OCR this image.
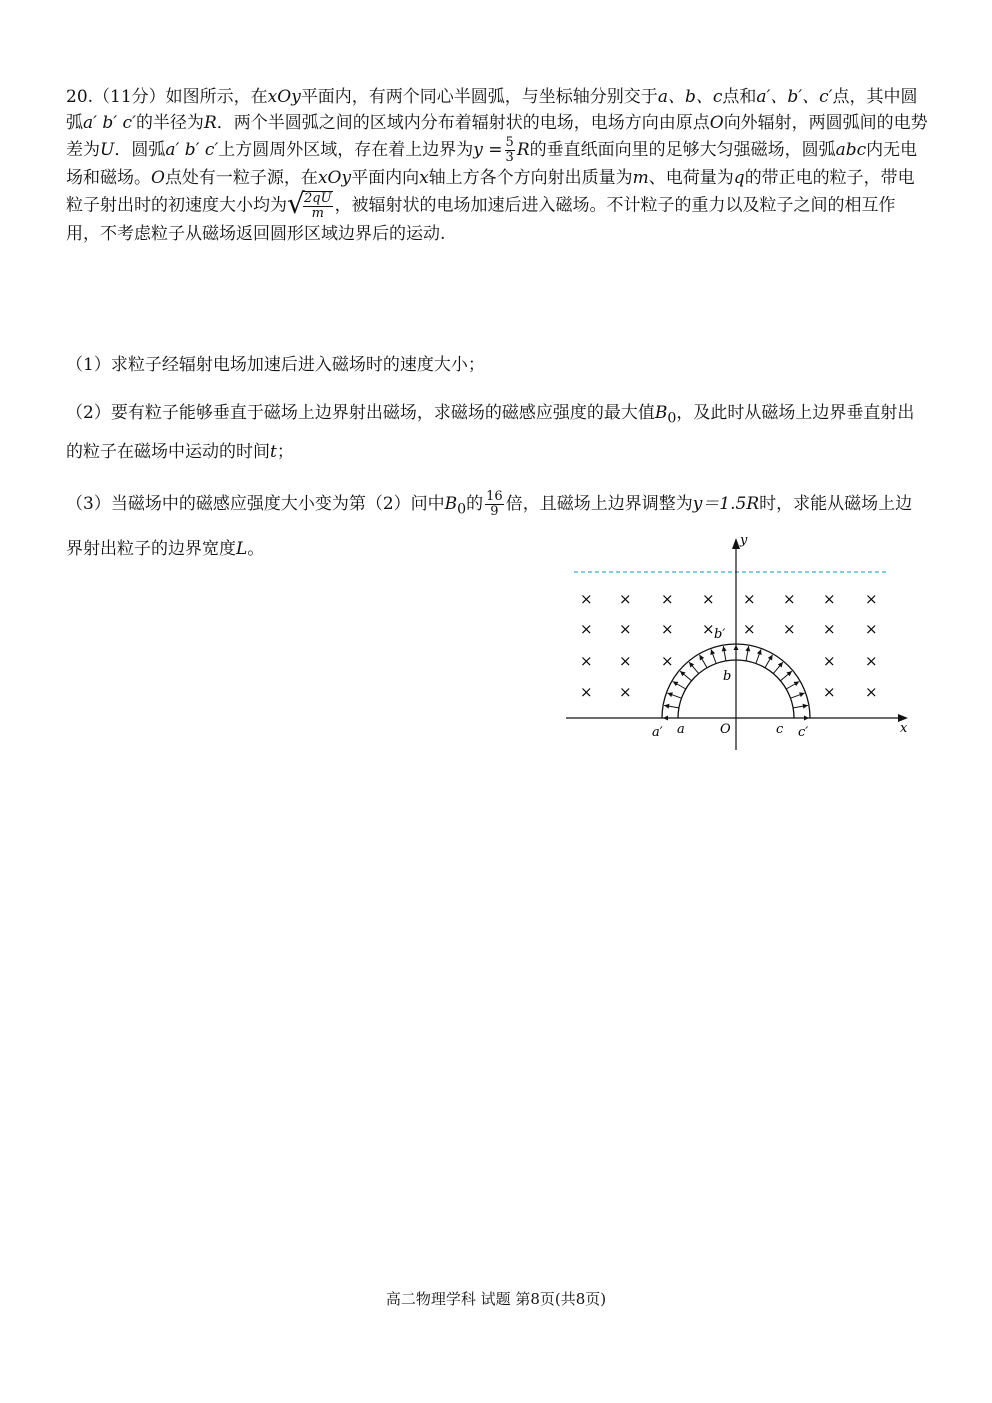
20.（11分）如图所示，在xOy平面内，有两个同心半圆弧，与坐标轴分别交于a、b、c点和a′、b′、c′点，其中圆弧a′ b′ c′的半径为R．两个半圆弧之间的区域内分布着辐射状的电场，电场方向由原点O向外辐射，两圆弧间的电势差为U．圆弧a′ b′ c′上方圆周外区域，存在着上边界为$y = \frac{5}{3}$ R的垂直纸面向里的足够大匀强磁场，圆弧abc内无电场和磁场。O点处有一粒子源，在xOy平面内向x轴上方各个方向射出质量为m、电荷量为q的带正电的粒子，带电粒子射出时的初速度大小均为 √
$\frac{2qU}{m}$ ，被辐射状的电场加速后进入磁场。不计粒子的重力以及粒子之间的相互作用，不考虑粒子从磁场返回圆形区域边界后的运动.
（1）求粒子经辐射电场加速后进入磁场时的速度大小；
（2）要有粒子能够垂直于磁场上边界射出磁场，求磁场的磁感应强度的最大值$B_0$，及此时从磁场上边界垂直射出的粒子在磁场中运动的时间t；
（3）当磁场中的磁感应强度大小变为第（2）问中$B_0$的 $\frac{16}{9}$ 倍，且磁场上边界调整为y＝1.5R时，求能从磁场上边界射出粒子的边界宽度L。
× × × × × × × ×
× × × × × × × ×
× × ×	× ×
× ×	× ×
y
x
O
a′ a
b′
b
c c′
高二物理学科 试题 第8页(共8页)
